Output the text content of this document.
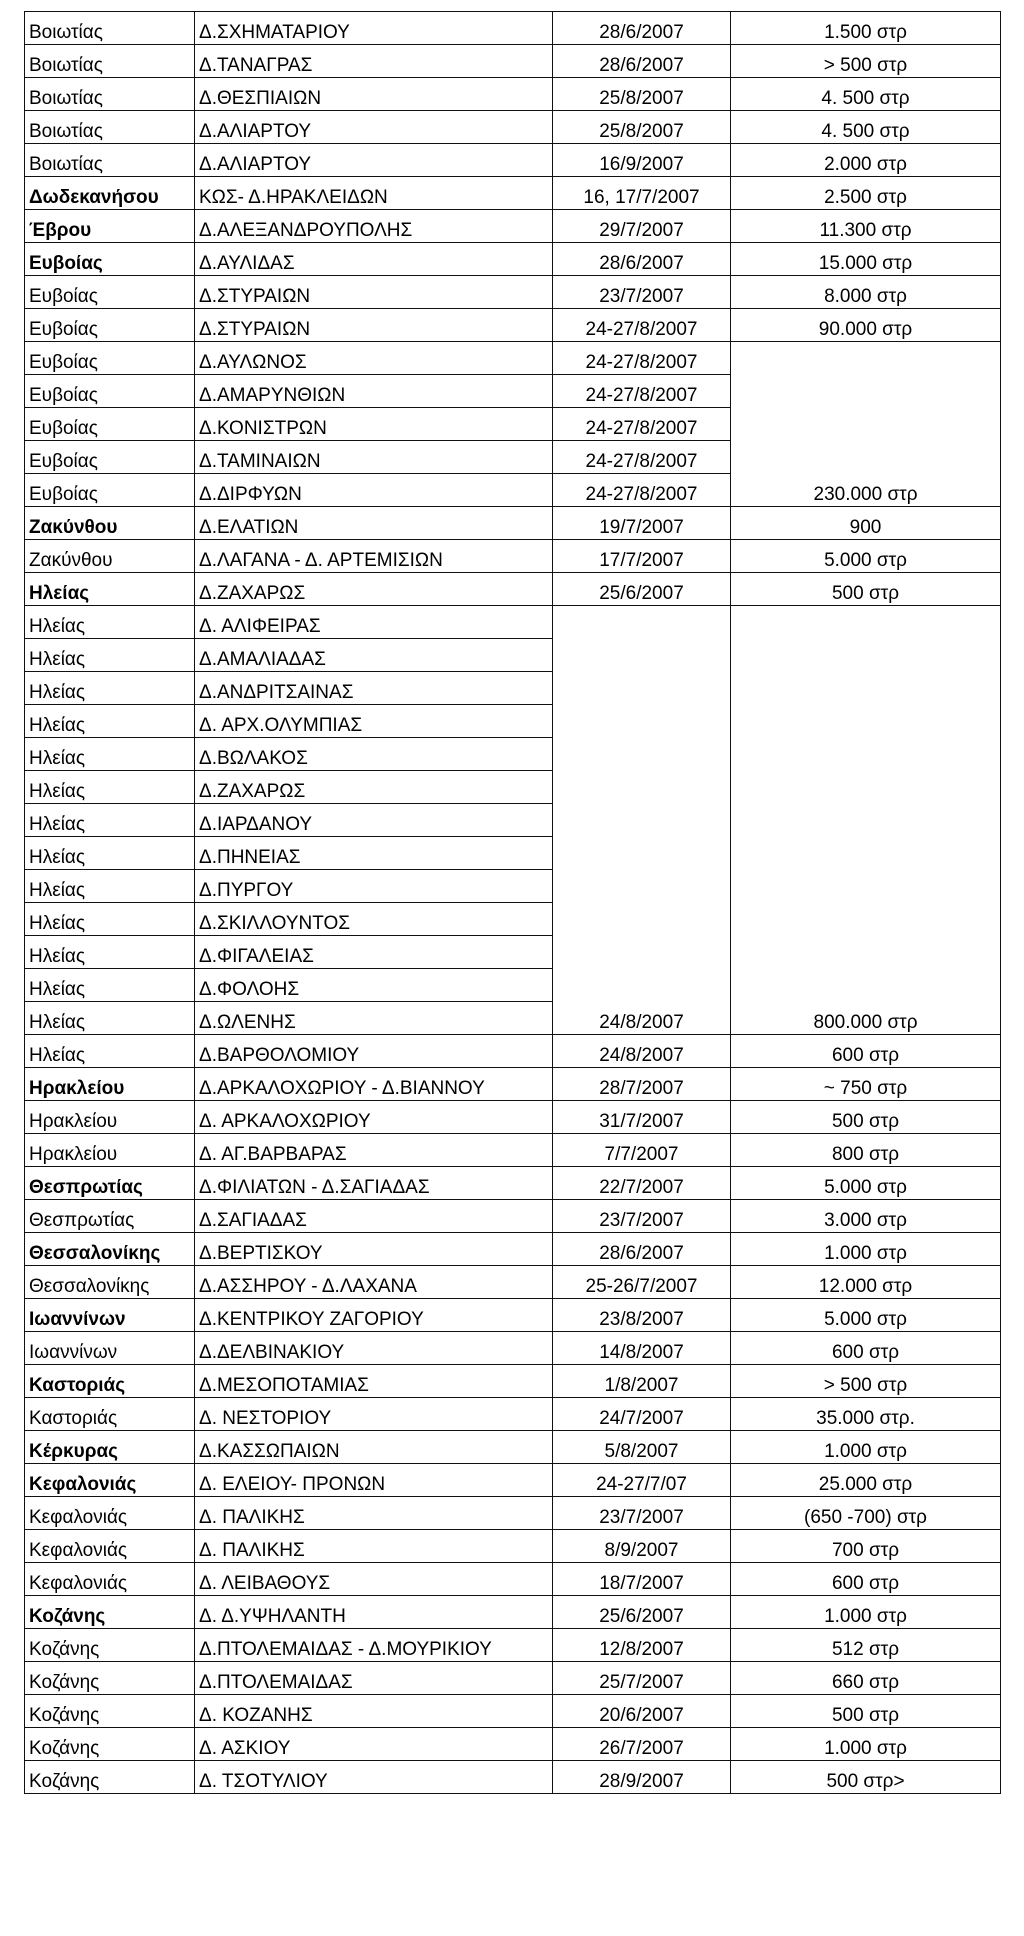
Βοιωτίας	Δ.ΣΧΗΜΑΤΑΡΙΟΥ	28/6/2007	1.500 στρ
Βοιωτίας	Δ.ΤΑΝΑΓΡΑΣ	28/6/2007	> 500 στρ
Βοιωτίας	Δ.ΘΕΣΠΙΑΙΩΝ	25/8/2007	4. 500 στρ
Βοιωτίας	Δ.ΑΛΙΑΡΤΟΥ	25/8/2007	4. 500 στρ
Βοιωτίας	Δ.ΑΛΙΑΡΤΟΥ	16/9/2007	2.000 στρ
Δωδεκανήσου	ΚΩΣ- Δ.ΗΡΑΚΛΕΙΔΩΝ	16, 17/7/2007	2.500 στρ
Έβρου	Δ.ΑΛΕΞΑΝΔΡΟΥΠΟΛΗΣ	29/7/2007	11.300 στρ
Ευβοίας	Δ.ΑΥΛΙΔΑΣ	28/6/2007	15.000 στρ
Ευβοίας	Δ.ΣΤΥΡΑΙΩΝ	23/7/2007	8.000 στρ
Ευβοίας	Δ.ΣΤΥΡΑΙΩΝ	24-27/8/2007	90.000 στρ
Ευβοίας	Δ.ΑΥΛΩΝΟΣ	24-27/8/2007	230.000 στρ
Ευβοίας	Δ.ΑΜΑΡΥΝΘΙΩΝ	24-27/8/2007	
Ευβοίας	Δ.ΚΟΝΙΣΤΡΩΝ	24-27/8/2007	
Ευβοίας	Δ.ΤΑΜΙΝΑΙΩΝ	24-27/8/2007	
Ευβοίας	Δ.ΔΙΡΦΥΩΝ	24-27/8/2007	
Ζακύνθου	Δ.ΕΛΑΤΙΩΝ	19/7/2007	900
Ζακύνθου	Δ.ΛΑΓΑΝΑ - Δ. ΑΡΤΕΜΙΣΙΩΝ	17/7/2007	5.000 στρ
Ηλείας	Δ.ΖΑΧΑΡΩΣ	25/6/2007	500 στρ
Ηλείας	Δ. ΑΛΙΦΕΙΡΑΣ	24/8/2007	800.000 στρ
Ηλείας	Δ.ΑΜΑΛΙΑΔΑΣ		
Ηλείας	Δ.ΑΝΔΡΙΤΣΑΙΝΑΣ		
Ηλείας	Δ. ΑΡΧ.ΟΛΥΜΠΙΑΣ		
Ηλείας	Δ.ΒΩΛΑΚΟΣ		
Ηλείας	Δ.ΖΑΧΑΡΩΣ		
Ηλείας	Δ.ΙΑΡΔΑΝΟΥ		
Ηλείας	Δ.ΠΗΝΕΙΑΣ		
Ηλείας	Δ.ΠΥΡΓΟΥ		
Ηλείας	Δ.ΣΚΙΛΛΟΥΝΤΟΣ		
Ηλείας	Δ.ΦΙΓΑΛΕΙΑΣ		
Ηλείας	Δ.ΦΟΛΟΗΣ		
Ηλείας	Δ.ΩΛΕΝΗΣ		
Ηλείας	Δ.ΒΑΡΘΟΛΟΜΙΟΥ	24/8/2007	600 στρ
Ηρακλείου	Δ.ΑΡΚΑΛΟΧΩΡΙΟΥ - Δ.ΒΙΑΝΝΟΥ	28/7/2007	~ 750 στρ
Ηρακλείου	Δ. ΑΡΚΑΛΟΧΩΡΙΟΥ	31/7/2007	500 στρ
Ηρακλείου	Δ. ΑΓ.ΒΑΡΒΑΡΑΣ	7/7/2007	800 στρ
Θεσπρωτίας	Δ.ΦΙΛΙΑΤΩΝ - Δ.ΣΑΓΙΑΔΑΣ	22/7/2007	5.000 στρ
Θεσπρωτίας	Δ.ΣΑΓΙΑΔΑΣ	23/7/2007	3.000 στρ
Θεσσαλονίκης	Δ.ΒΕΡΤΙΣΚΟΥ	28/6/2007	1.000 στρ
Θεσσαλονίκης	Δ.ΑΣΣΗΡΟΥ - Δ.ΛΑΧΑΝΑ	25-26/7/2007	12.000 στρ
Ιωαννίνων	Δ.ΚΕΝΤΡΙΚΟΥ ΖΑΓΟΡΙΟΥ	23/8/2007	5.000 στρ
Ιωαννίνων	Δ.ΔΕΛΒΙΝΑΚΙΟΥ	14/8/2007	600 στρ
Καστοριάς	Δ.ΜΕΣΟΠΟΤΑΜΙΑΣ	1/8/2007	> 500 στρ
Καστοριάς	Δ. ΝΕΣΤΟΡΙΟΥ	24/7/2007	35.000 στρ.
Κέρκυρας	Δ.ΚΑΣΣΩΠΑΙΩΝ	5/8/2007	1.000 στρ
Κεφαλονιάς	Δ. ΕΛΕΙΟΥ- ΠΡΟΝΩΝ	24-27/7/07	25.000 στρ
Κεφαλονιάς	Δ. ΠΑΛΙΚΗΣ	23/7/2007	(650 -700) στρ
Κεφαλονιάς	Δ. ΠΑΛΙΚΗΣ	8/9/2007	700 στρ
Κεφαλονιάς	Δ. ΛΕΙΒΑΘΟΥΣ	18/7/2007	600 στρ
Κοζάνης	Δ. Δ.ΥΨΗΛΑΝΤΗ	25/6/2007	1.000 στρ
Κοζάνης	Δ.ΠΤΟΛΕΜΑΙΔΑΣ - Δ.ΜΟΥΡΙΚΙΟΥ	12/8/2007	512 στρ
Κοζάνης	Δ.ΠΤΟΛΕΜΑΙΔΑΣ	25/7/2007	660 στρ
Κοζάνης	Δ. ΚΟΖΑΝΗΣ	20/6/2007	500 στρ
Κοζάνης	Δ. ΑΣΚΙΟΥ	26/7/2007	1.000 στρ
Κοζάνης	Δ. ΤΣΟΤΥΛΙΟΥ	28/9/2007	500 στρ>
